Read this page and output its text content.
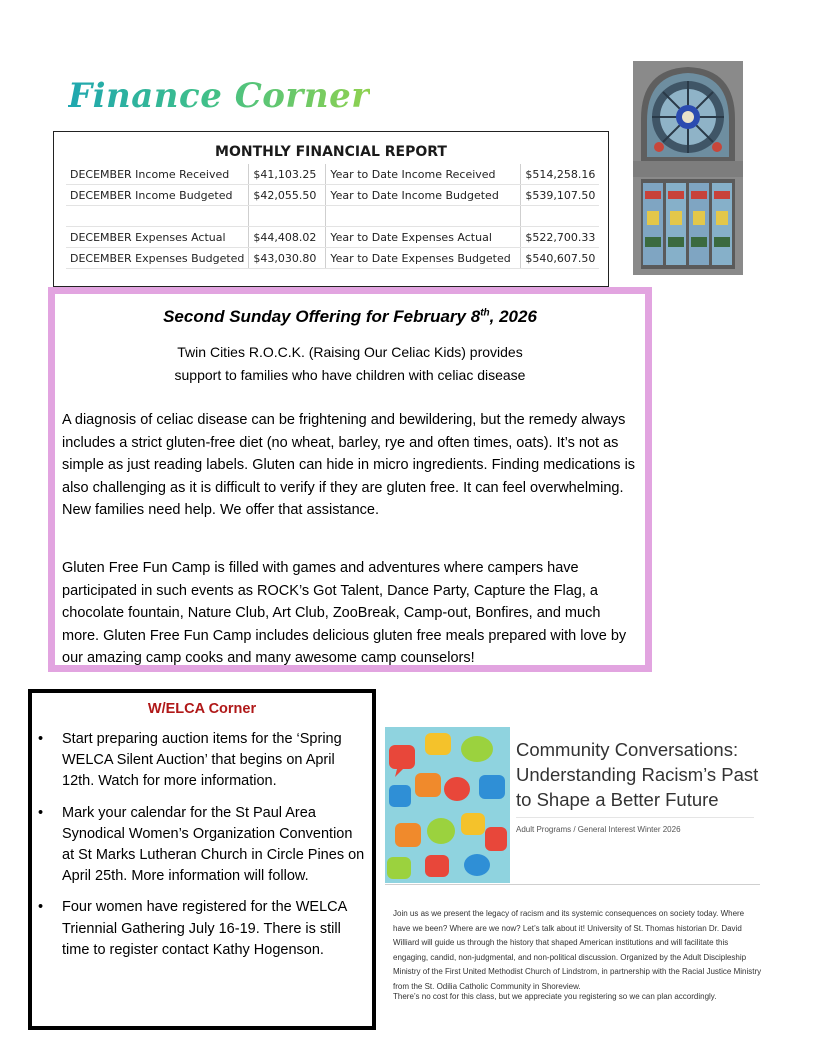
Finance Corner
MONTHLY FINANCIAL REPORT
DECEMBER Income Received	$41,103.25	Year to Date Income Received	$514,258.16
DECEMBER Income Budgeted	$42,055.50	Year to Date Income Budgeted	$539,107.50

DECEMBER Expenses Actual	$44,408.02	Year to Date Expenses Actual	$522,700.33
DECEMBER Expenses Budgeted	$43,030.80	Year to Date Expenses Budgeted	$540,607.50
Second Sunday Offering for February 8th, 2026
Twin Cities R.O.C.K. (Raising Our Celiac Kids) provides
support to families who have children with celiac disease
A diagnosis of celiac disease can be frightening and bewildering, but the remedy always includes a strict gluten-free diet (no wheat, barley, rye and often times, oats). It’s not as simple as just reading labels. Gluten can hide in micro ingredients. Finding medications is also challenging as it is difficult to verify if they are gluten free. It can feel overwhelming. New families need help. We offer that assistance.
Gluten Free Fun Camp is filled with games and adventures where campers have participated in such events as ROCK’s Got Talent, Dance Party, Capture the Flag, a chocolate fountain, Nature Club, Art Club, ZooBreak, Camp-out, Bonfires, and much more. Gluten Free Fun Camp includes delicious gluten free meals prepared with love by our amazing camp cooks and many awesome camp counselors!
W/ELCA Corner
• Start preparing auction items for the ‘Spring WELCA Silent Auction’ that begins on April 12th. Watch for more information.
• Mark your calendar for the St Paul Area Synodical Women’s Organization Convention at St Marks Lutheran Church in Circle Pines on April 25th. More information will follow.
• Four women have registered for the WELCA Triennial Gathering July 16-19. There is still time to register contact Kathy Hogenson.
Community Conversations: Understanding Racism’s Past to Shape a Better Future
Adult Programs / General Interest Winter 2026
Join us as we present the legacy of racism and its systemic consequences on society today. Where have we been? Where are we now? Let’s talk about it! University of St. Thomas historian Dr. David Williard will guide us through the history that shaped American institutions and will facilitate this engaging, candid, non-judgmental, and non-political discussion. Organized by the Adult Discipleship Ministry of the First United Methodist Church of Lindstrom, in partnership with the Racial Justice Ministry from the St. Odilia Catholic Community in Shoreview.
There’s no cost for this class, but we appreciate you registering so we can plan accordingly.
